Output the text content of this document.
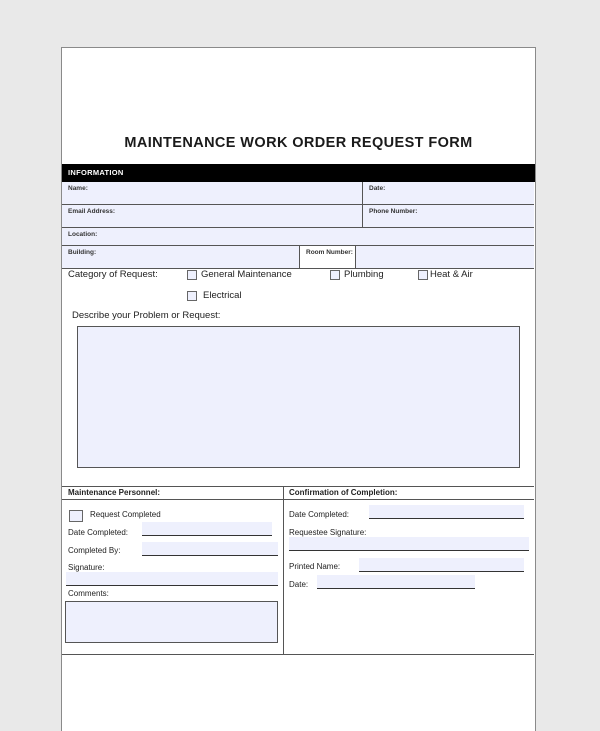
MAINTENANCE WORK ORDER REQUEST FORM
INFORMATION
Name:	Date:
Email Address:	Phone Number:
Location:
Building:	Room Number:
Category of Request:	General Maintenance	Plumbing	Heat & Air
Electrical
Describe your Problem or Request:
Maintenance Personnel:
Request Completed
Date Completed:
Completed By:
Signature:
Comments:
Confirmation of Completion:
Date Completed:
Requestee Signature:
Printed Name:
Date:
